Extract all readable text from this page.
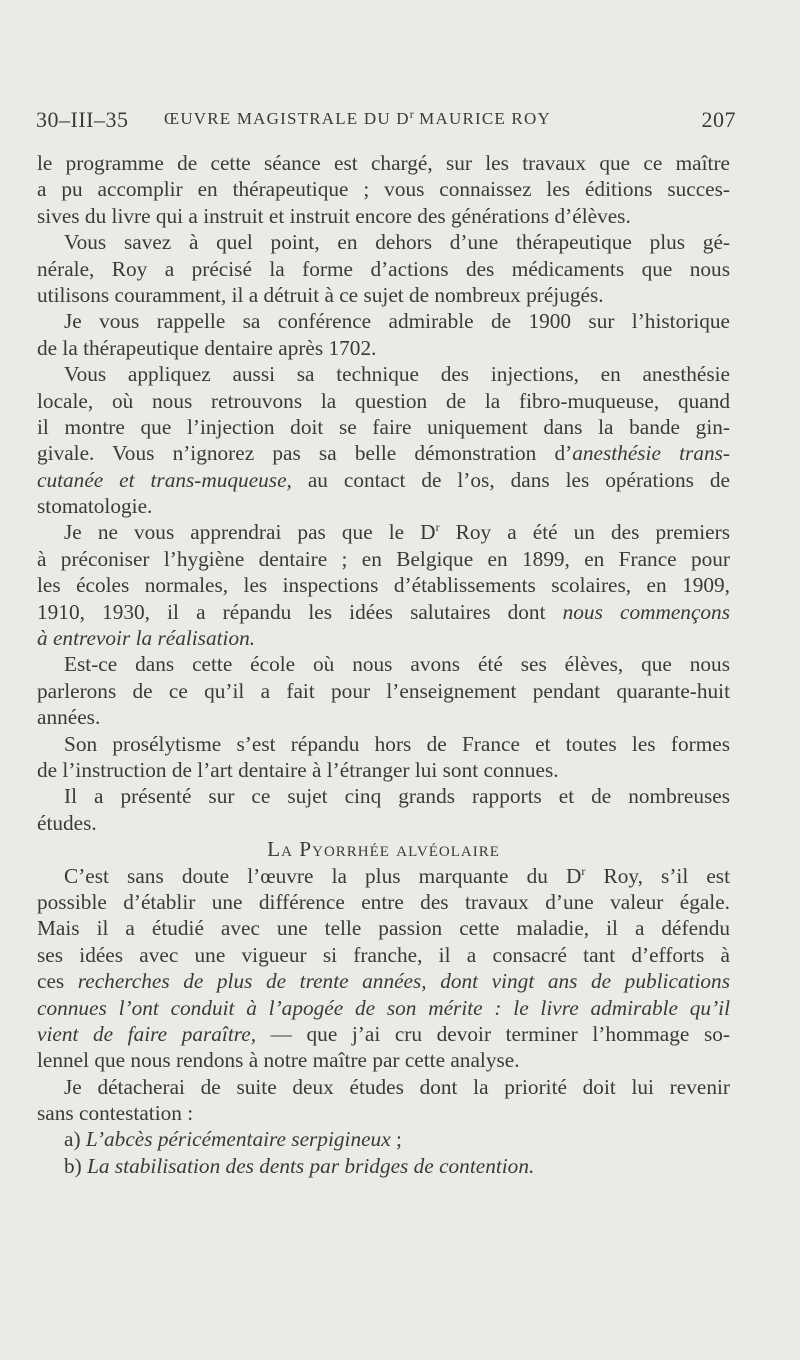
30–III–35 ŒUVRE MAGISTRALE DU $D^r$ MAURICE ROY	207
le programme de cette séance est chargé, sur les travaux que ce maître
a pu accomplir en thérapeutique ; vous connaissez les éditions succes-
sives du livre qui a instruit et instruit encore des générations d’élèves.
Vous savez à quel point, en dehors d’une thérapeutique plus gé-
nérale, Roy a précisé la forme d’actions des médicaments que nous
utilisons couramment, il a détruit à ce sujet de nombreux préjugés.
Je vous rappelle sa conférence admirable de 1900 sur l’historique
de la thérapeutique dentaire après 1702.
Vous appliquez aussi sa technique des injections, en anesthésie
locale, où nous retrouvons la question de la fibro-muqueuse, quand
il montre que l’injection doit se faire uniquement dans la bande gin-
givale. Vous n’ignorez pas sa belle démonstration d’anesthésie trans-
cutanée et trans-muqueuse, au contact de l’os, dans les opérations de
stomatologie.
Je ne vous apprendrai pas que le $D^r$ Roy a été un des premiers
à préconiser l’hygiène dentaire ; en Belgique en 1899, en France pour
les écoles normales, les inspections d’établissements scolaires, en 1909,
1910, 1930, il a répandu les idées salutaires dont nous commençons
à entrevoir la réalisation.
Est-ce dans cette école où nous avons été ses élèves, que nous
parlerons de ce qu’il a fait pour l’enseignement pendant quarante-huit
années.
Son prosélytisme s’est répandu hors de France et toutes les formes
de l’instruction de l’art dentaire à l’étranger lui sont connues.
Il a présenté sur ce sujet cinq grands rapports et de nombreuses
études.
La Pyorrhée alvéolaire
C’est sans doute l’œuvre la plus marquante du $D^r$ Roy, s’il est
possible d’établir une différence entre des travaux d’une valeur égale.
Mais il a étudié avec une telle passion cette maladie, il a défendu
ses idées avec une vigueur si franche, il a consacré tant d’efforts à
ces recherches de plus de trente années, dont vingt ans de publications
connues l’ont conduit à l’apogée de son mérite : le livre admirable qu’il
vient de faire paraître, — que j’ai cru devoir terminer l’hommage so-
lennel que nous rendons à notre maître par cette analyse.
Je détacherai de suite deux études dont la priorité doit lui revenir
sans contestation :
a) L’abcès péricémentaire serpigineux ;
b) La stabilisation des dents par bridges de contention.
